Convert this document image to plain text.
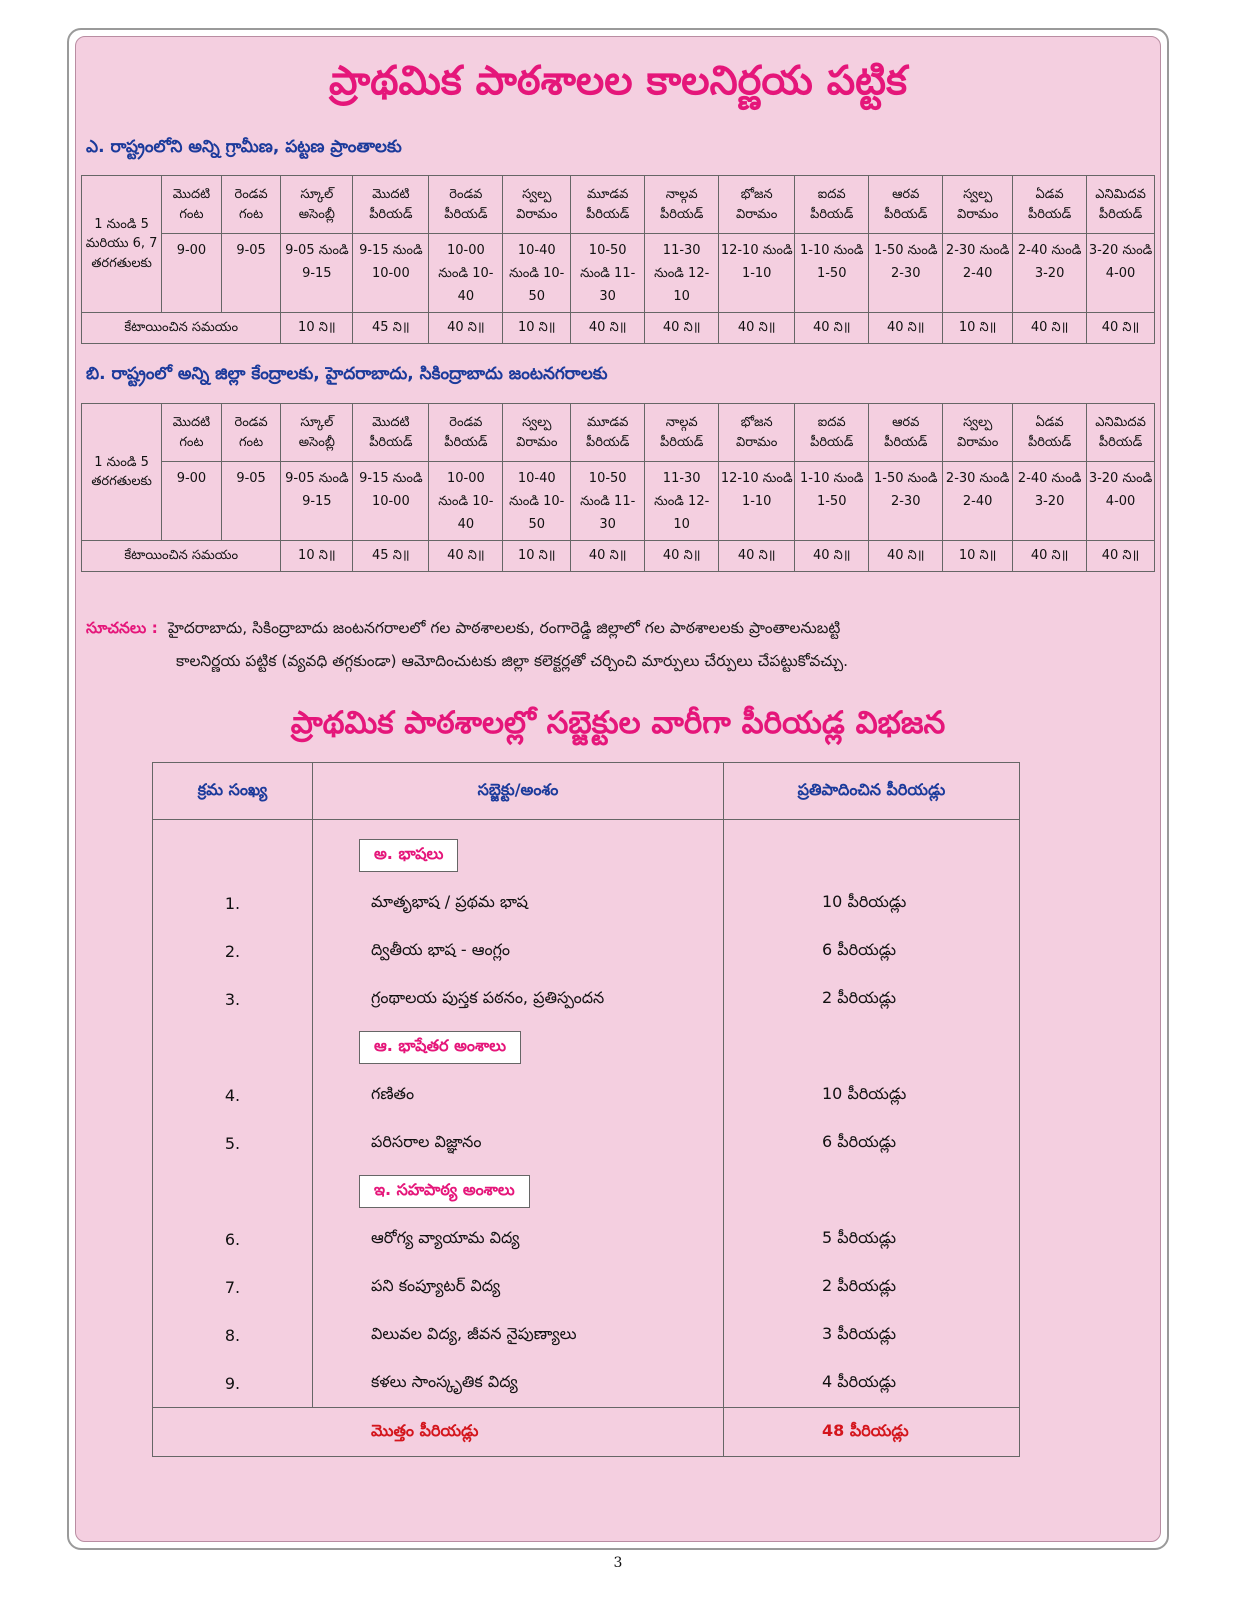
ప్రాథమిక పాఠశాలల కాలనిర్ణయ పట్టిక
ఎ. రాష్ట్రంలోని అన్ని గ్రామీణ, పట్టణ ప్రాంతాలకు
1 నుండి 5 మరియు 6, 7 తరగతులకు	మొదటి గంట	రెండవ గంట	స్కూల్ అసెంబ్లీ	మొదటి పీరియడ్	రెండవ పీరియడ్	స్వల్ప విరామం	మూడవ పీరియడ్	నాల్గవ పీరియడ్	భోజన విరామం	ఐదవ పీరియడ్	ఆరవ పీరియడ్	స్వల్ప విరామం	ఏడవ పీరియడ్	ఎనిమిదవ పీరియడ్
	9-00	9-05	9-05 నుండి 9-15	9-15 నుండి 10-00	10-00 నుండి 10-40	10-40 నుండి 10-50	10-50 నుండి 11-30	11-30 నుండి 12-10	12-10 నుండి 1-10	1-10 నుండి 1-50	1-50 నుండి 2-30	2-30 నుండి 2-40	2-40 నుండి 3-20	3-20 నుండి 4-00
కేటాయించిన సమయం			10 ని॥	45 ని॥	40 ని॥	10 ని॥	40 ని॥	40 ని॥	40 ని॥	40 ని॥	40 ని॥	10 ని॥	40 ని॥	40 ని॥
బి. రాష్ట్రంలో అన్ని జిల్లా కేంద్రాలకు, హైదరాబాదు, సికింద్రాబాదు జంటనగరాలకు
1 నుండి 5 తరగతులకు	మొదటి గంట	రెండవ గంట	స్కూల్ అసెంబ్లీ	మొదటి పీరియడ్	రెండవ పీరియడ్	స్వల్ప విరామం	మూడవ పీరియడ్	నాల్గవ పీరియడ్	భోజన విరామం	ఐదవ పీరియడ్	ఆరవ పీరియడ్	స్వల్ప విరామం	ఏడవ పీరియడ్	ఎనిమిదవ పీరియడ్
	9-00	9-05	9-05 నుండి 9-15	9-15 నుండి 10-00	10-00 నుండి 10-40	10-40 నుండి 10-50	10-50 నుండి 11-30	11-30 నుండి 12-10	12-10 నుండి 1-10	1-10 నుండి 1-50	1-50 నుండి 2-30	2-30 నుండి 2-40	2-40 నుండి 3-20	3-20 నుండి 4-00
కేటాయించిన సమయం			10 ని॥	45 ని॥	40 ని॥	10 ని॥	40 ని॥	40 ని॥	40 ని॥	40 ని॥	40 ని॥	10 ని॥	40 ని॥	40 ని॥
సూచనలు : హైదరాబాదు, సికింద్రాబాదు జంటనగరాలలో గల పాఠశాలలకు, రంగారెడ్డి జిల్లాలో గల పాఠశాలలకు ప్రాంతాలనుబట్టి
కాలనిర్ణయ పట్టిక (వ్యవధి తగ్గకుండా) ఆమోదించుటకు జిల్లా కలెక్టర్లతో చర్చించి మార్పులు చేర్పులు చేపట్టుకోవచ్చు.
ప్రాథమిక పాఠశాలల్లో సబ్జెక్టుల వారీగా పీరియడ్ల విభజన
క్రమ సంఖ్య	సబ్జెక్టు/అంశం	ప్రతిపాదించిన పీరియడ్లు
	అ. భాషలు	
1.	మాతృభాష / ప్రథమ భాష	10 పీరియడ్లు
2.	ద్వితీయ భాష - ఆంగ్లం	6 పీరియడ్లు
3.	గ్రంథాలయ పుస్తక పఠనం, ప్రతిస్పందన	2 పీరియడ్లు
	ఆ. భాషేతర అంశాలు	
4.	గణితం	10 పీరియడ్లు
5.	పరిసరాల విజ్ఞానం	6 పీరియడ్లు
	ఇ. సహపాఠ్య అంశాలు	
6.	ఆరోగ్య వ్యాయామ విద్య	5 పీరియడ్లు
7.	పని కంప్యూటర్ విద్య	2 పీరియడ్లు
8.	విలువల విద్య, జీవన నైపుణ్యాలు	3 పీరియడ్లు
9.	కళలు సాంస్కృతిక విద్య	4 పీరియడ్లు
మొత్తం పీరియడ్లు		48 పీరియడ్లు
3
